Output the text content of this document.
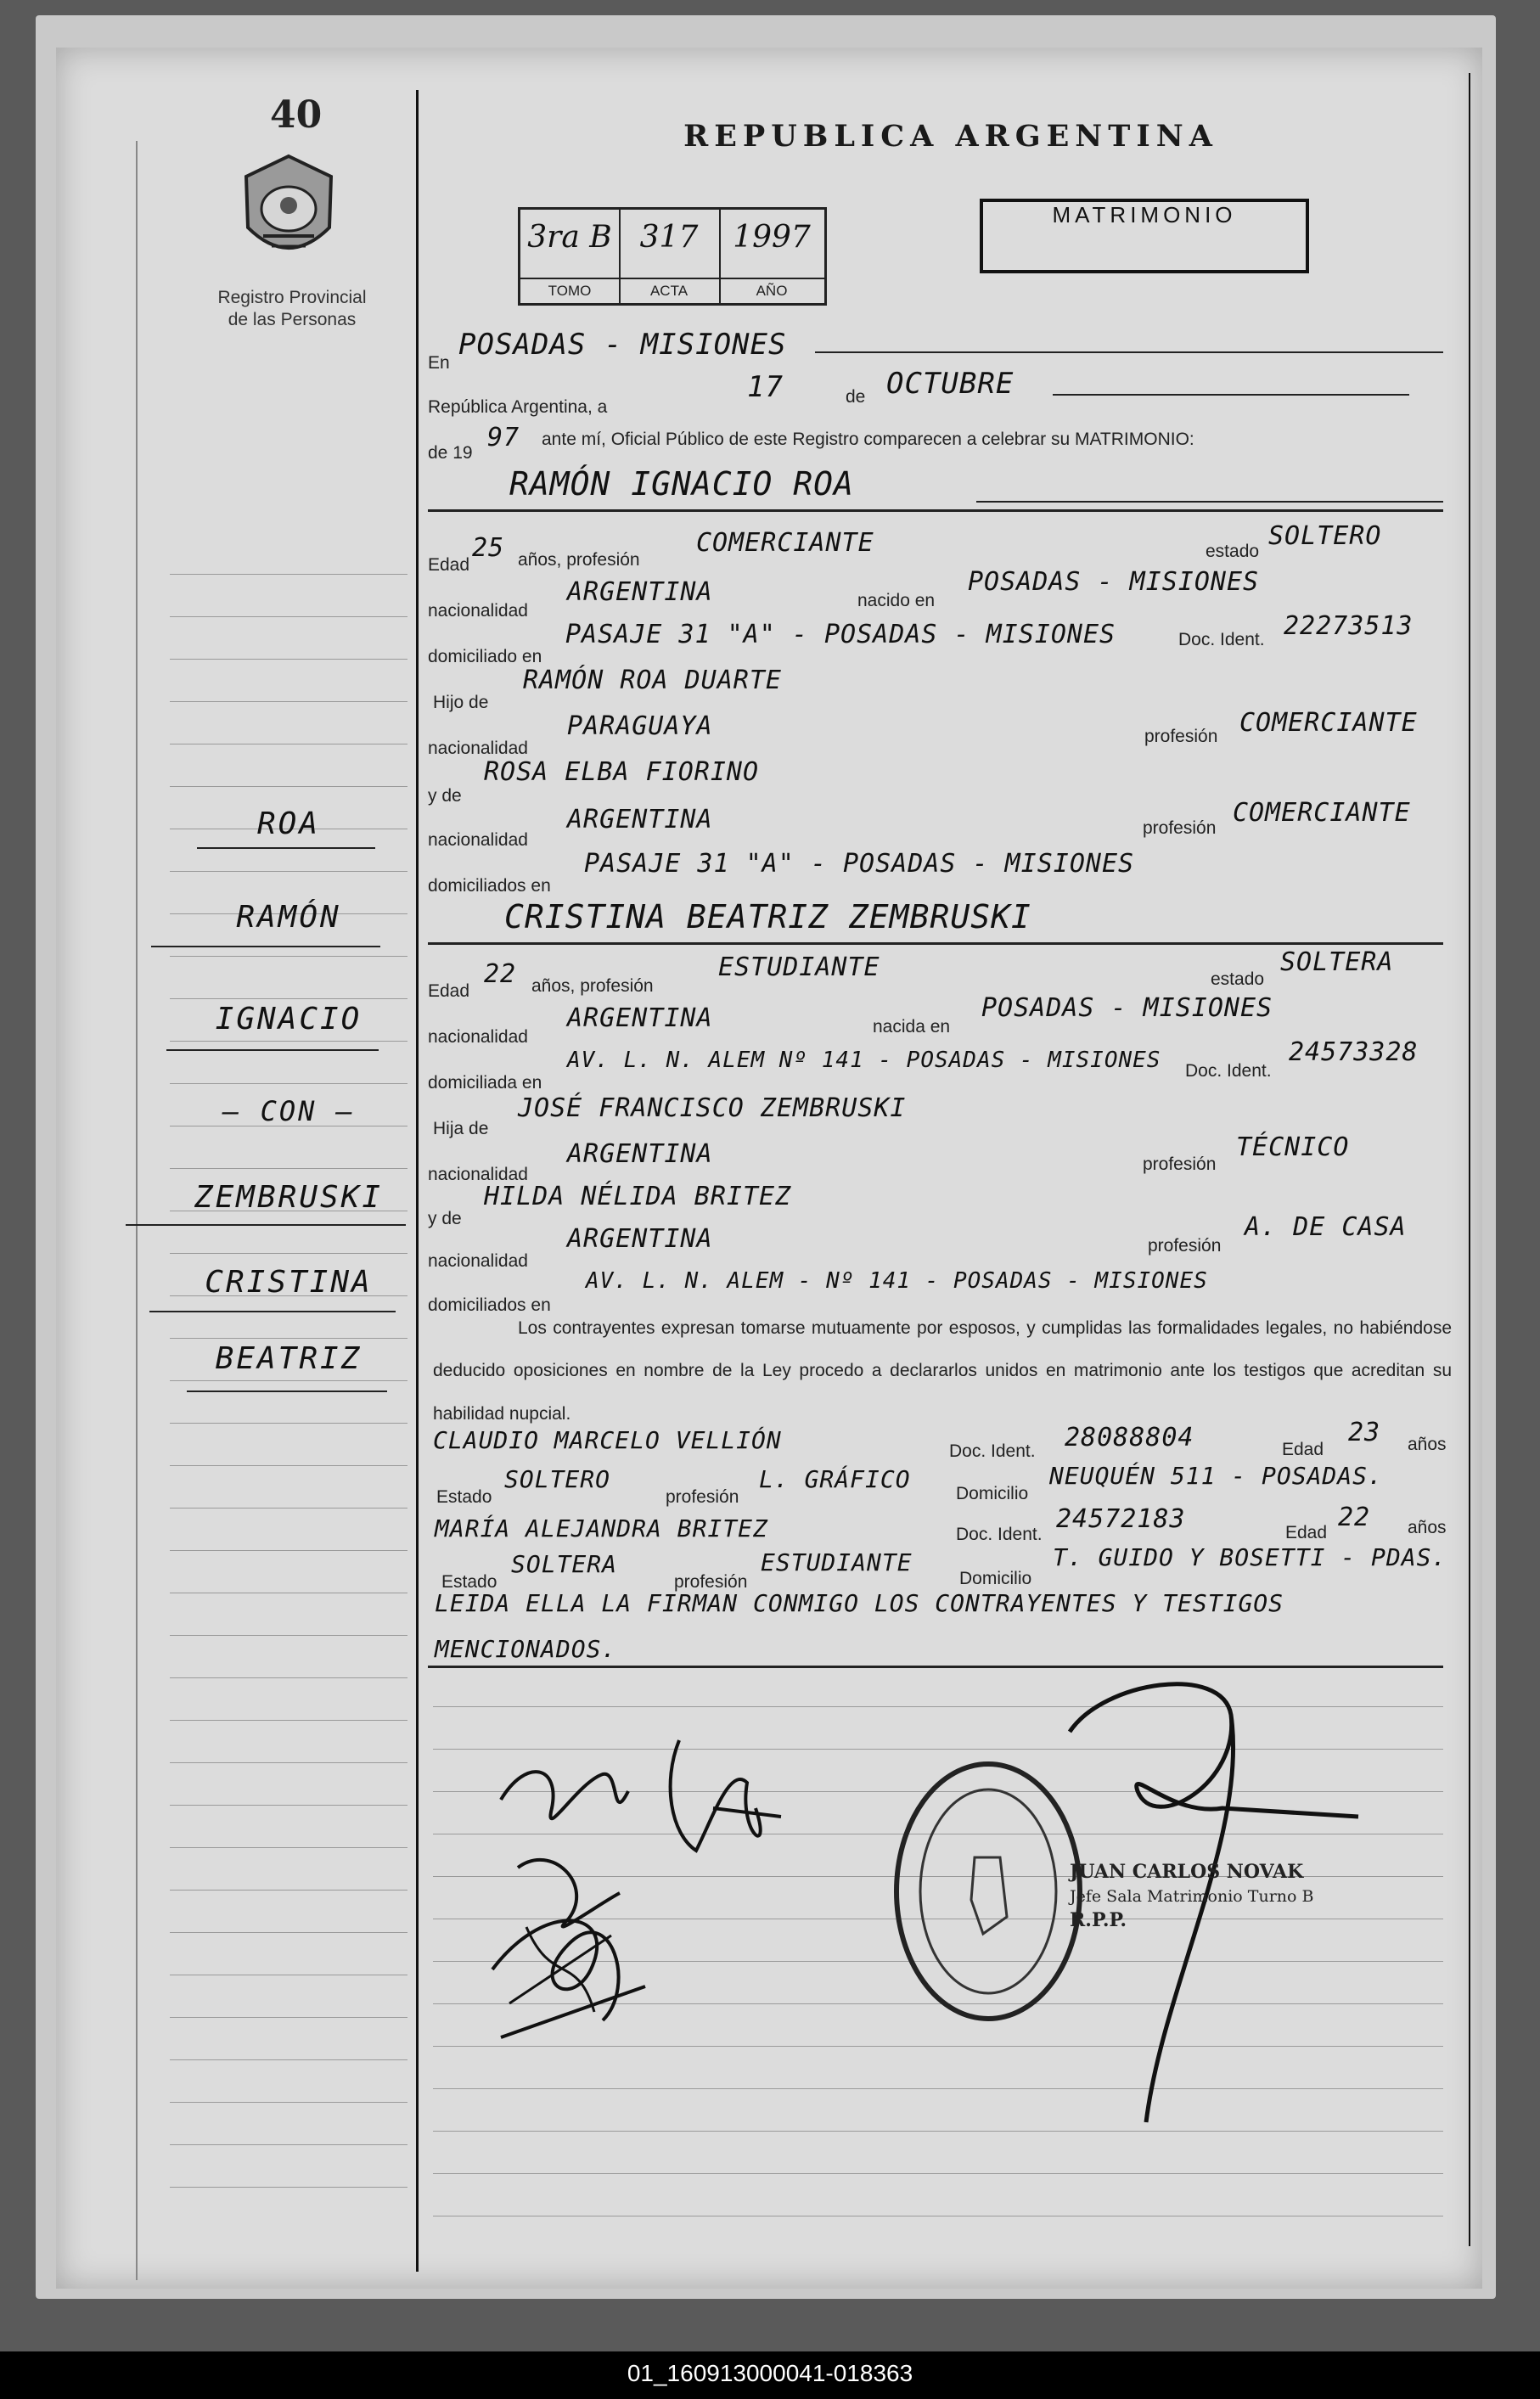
40
Registro Provincial
de las Personas
REPUBLICA ARGENTINA
3ra B
TOMO
317
ACTA
1997
AÑO
MATRIMONIO
En
POSADAS - MISIONES
República Argentina, a
17	de OCTUBRE
de 19
97 ante mí, Oficial Público de este Registro comparecen a celebrar su MATRIMONIO:
RAMÓN IGNACIO ROA
Edad
25 años, profesión
COMERCIANTE	estado
SOLTERO
nacionalidad
ARGENTINA	nacido en
POSADAS - MISIONES
domiciliado en
PASAJE 31 "A" - POSADAS - MISIONES	Doc. Ident. 22273513
Hijo de
RAMÓN ROA DUARTE
nacionalidad
PARAGUAYA	profesión COMERCIANTE
y de
ROSA ELBA FIORINO
nacionalidad
ARGENTINA	profesión
COMERCIANTE
domiciliados en
PASAJE 31 "A" - POSADAS - MISIONES
CRISTINA BEATRIZ ZEMBRUSKI
Edad
22 años, profesión
ESTUDIANTE	estado
SOLTERA
nacionalidad
ARGENTINA	nacida en
POSADAS - MISIONES
domiciliada en
AV. L. N. ALEM Nº 141 - POSADAS - MISIONES Doc. Ident.
24573328
Hija de
JOSÉ FRANCISCO ZEMBRUSKI
nacionalidad
ARGENTINA	profesión
TÉCNICO
y de
HILDA NÉLIDA BRITEZ
nacionalidad
ARGENTINA	profesión
A. DE CASA
domiciliados en
AV. L. N. ALEM - Nº 141 - POSADAS - MISIONES
Los contrayentes expresan tomarse mutuamente por esposos, y cumplidas las formalidades legales, no habiéndose deducido oposiciones en nombre de la Ley procedo a declararlos unidos en matrimonio ante los testigos que acreditan su habilidad nupcial.
CLAUDIO MARCELO VELLIÓN	Doc. Ident. 28088804	Edad
23 años
Estado
SOLTERO
profesión
L. GRÁFICO
Domicilio
NEUQUÉN 511 - POSADAS.
MARÍA ALEJANDRA BRITEZ	Doc. Ident.
24572183	Edad
22 años
Estado
SOLTERA
profesión
ESTUDIANTE
Domicilio
T. GUIDO Y BOSETTI - PDAS.
LEIDA ELLA LA FIRMAN CONMIGO LOS CONTRAYENTES Y TESTIGOS
MENCIONADOS.
ROA
RAMÓN
IGNACIO
— CON —
ZEMBRUSKI
CRISTINA
BEATRIZ
JUAN CARLOS NOVAK
Jefe Sala Matrimonio Turno B
R.P.P.
01_160913000041-018363
